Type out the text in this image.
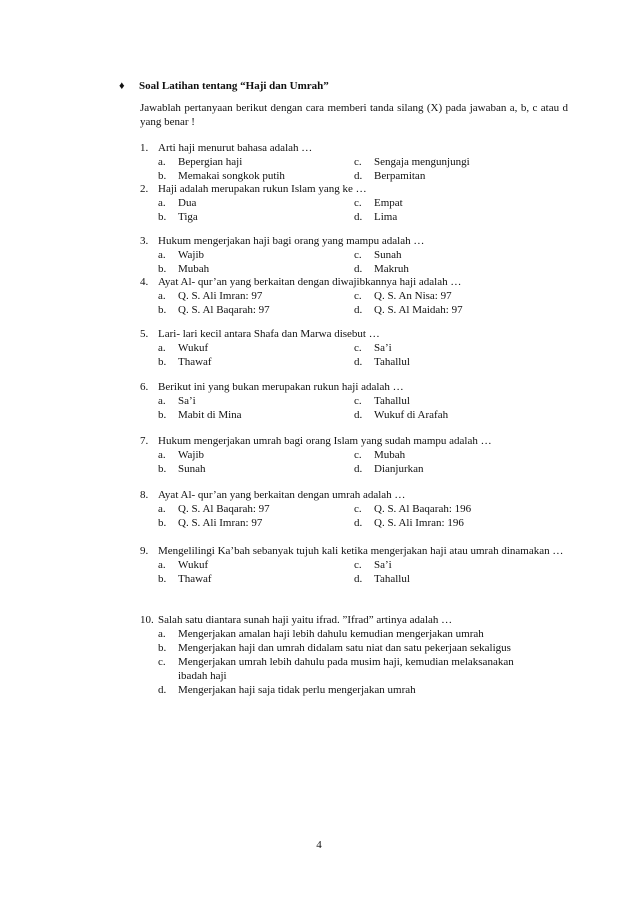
♦ Soal Latihan tentang “Haji dan Umrah”
Jawablah pertanyaan berikut dengan cara memberi tanda silang (X) pada jawaban a, b, c atau d yang benar !
1. Arti haji menurut bahasa adalah …
a.	Bepergian haji	c.	Sengaja mengunjungi
b.	Memakai songkok putih	d.	Berpamitan
2. Haji adalah merupakan rukun Islam yang ke …
a.	Dua	c.	Empat
b.	Tiga	d.	Lima
3. Hukum mengerjakan haji bagi orang yang mampu adalah …
a.	Wajib	c.	Sunah
b.	Mubah	d.	Makruh
4. Ayat Al- qur’an yang berkaitan dengan diwajibkannya haji adalah …
a.	Q. S. Ali Imran: 97	c.	Q. S. An Nisa: 97
b.	Q. S. Al Baqarah: 97	d.	Q. S. Al Maidah: 97
5. Lari- lari kecil antara Shafa dan Marwa disebut …
a.	Wukuf	c.	Sa’i
b.	Thawaf	d.	Tahallul
6. Berikut ini yang bukan merupakan rukun haji adalah …
a.	Sa’i	c.	Tahallul
b.	Mabit di Mina	d.	Wukuf di Arafah
7. Hukum mengerjakan umrah bagi orang Islam yang sudah mampu adalah …
a.	Wajib	c.	Mubah
b.	Sunah	d.	Dianjurkan
8. Ayat Al- qur’an yang berkaitan dengan umrah adalah …
a.	Q. S. Al Baqarah: 97	c.	Q. S. Al Baqarah: 196
b.	Q. S. Ali Imran: 97	d.	Q. S. Ali Imran: 196
9. Mengelilingi Ka’bah sebanyak tujuh kali ketika mengerjakan haji atau umrah dinamakan …
a.	Wukuf	c.	Sa’i
b.	Thawaf	d.	Tahallul
10. Salah satu diantara sunah haji yaitu ifrad. ”Ifrad” artinya adalah …
a.	Mengerjakan amalan haji lebih dahulu kemudian mengerjakan umrah
b.	Mengerjakan haji dan umrah didalam satu niat dan satu pekerjaan sekaligus
c.	Mengerjakan umrah lebih dahulu pada musim haji, kemudian melaksanakan ibadah haji
d.	Mengerjakan haji saja tidak perlu mengerjakan umrah
4
